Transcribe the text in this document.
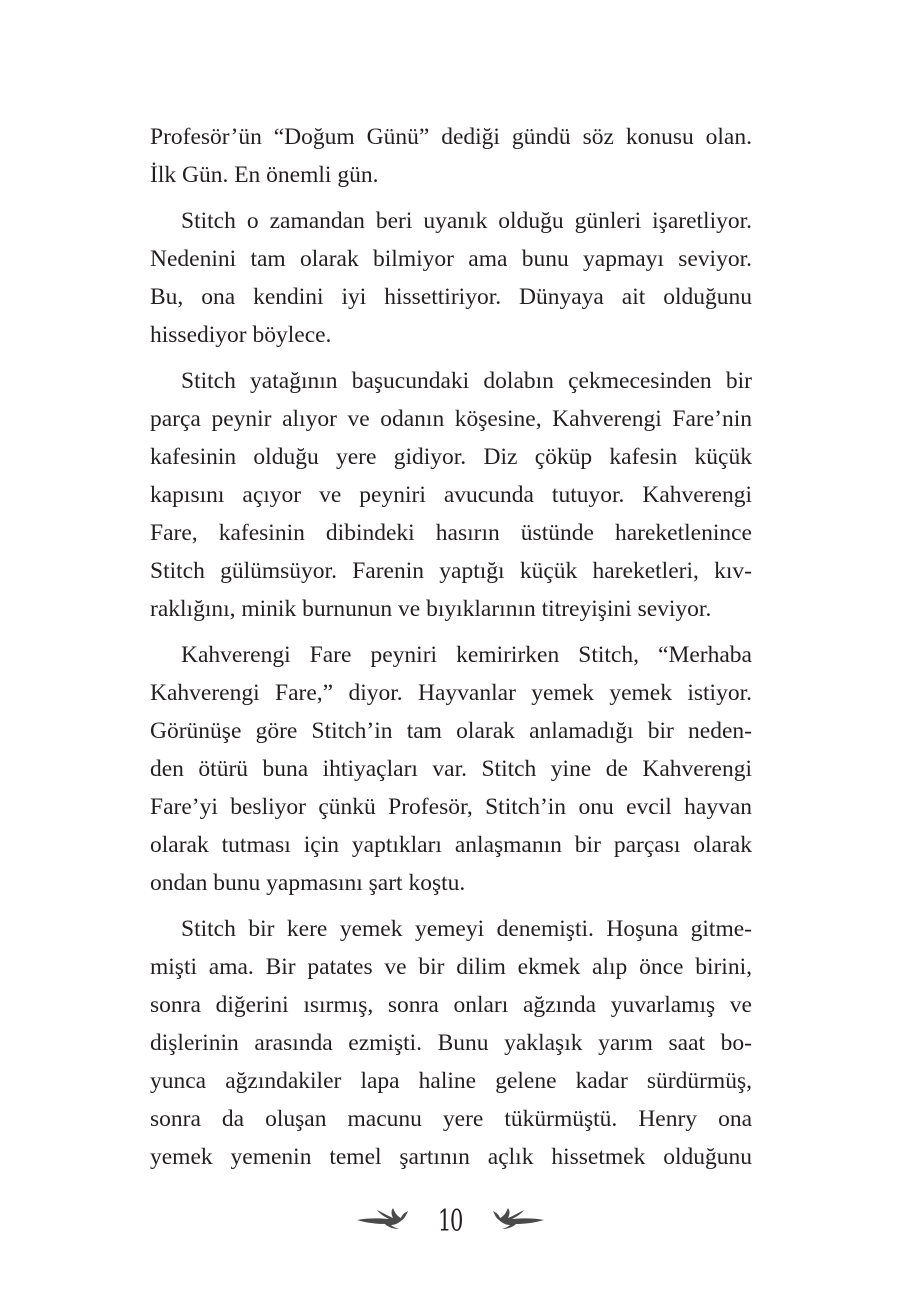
Profesör’ün “Doğum Günü” dediği gündü söz konusu olan.
İlk Gün. En önemli gün.
Stitch o zamandan beri uyanık olduğu günleri işaretliyor.
Nedenini tam olarak bilmiyor ama bunu yapmayı seviyor.
Bu, ona kendini iyi hissettiriyor. Dünyaya ait olduğunu
hissediyor böylece.
Stitch yatağının başucundaki dolabın çekmecesinden bir
parça peynir alıyor ve odanın köşesine, Kahverengi Fare’nin
kafesinin olduğu yere gidiyor. Diz çöküp kafesin küçük
kapısını açıyor ve peyniri avucunda tutuyor. Kahverengi
Fare, kafesinin dibindeki hasırın üstünde hareketlenince
Stitch gülümsüyor. Farenin yaptığı küçük hareketleri, kıv-
raklığını, minik burnunun ve bıyıklarının titreyişini seviyor.
Kahverengi Fare peyniri kemirirken Stitch, “Merhaba
Kahverengi Fare,” diyor. Hayvanlar yemek yemek istiyor.
Görünüşe göre Stitch’in tam olarak anlamadığı bir neden-
den ötürü buna ihtiyaçları var. Stitch yine de Kahverengi
Fare’yi besliyor çünkü Profesör, Stitch’in onu evcil hayvan
olarak tutması için yaptıkları anlaşmanın bir parçası olarak
ondan bunu yapmasını şart koştu.
Stitch bir kere yemek yemeyi denemişti. Hoşuna gitme-
mişti ama. Bir patates ve bir dilim ekmek alıp önce birini,
sonra diğerini ısırmış, sonra onları ağzında yuvarlamış ve
dişlerinin arasında ezmişti. Bunu yaklaşık yarım saat bo-
yunca ağzındakiler lapa haline gelene kadar sürdürmüş,
sonra da oluşan macunu yere tükürmüştü. Henry ona
yemek yemenin temel şartının açlık hissetmek olduğunu
10
